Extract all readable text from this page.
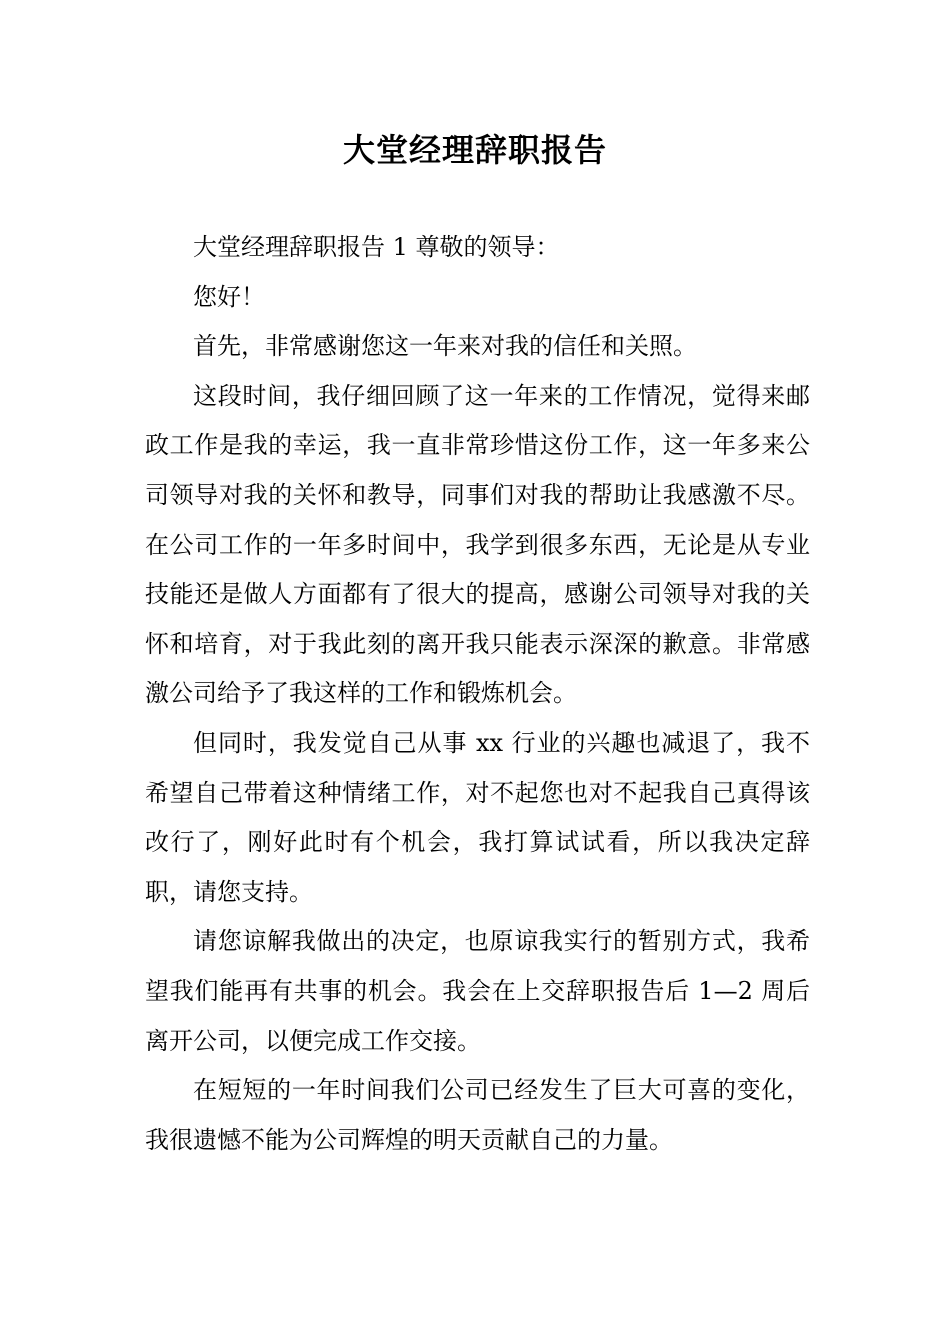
大堂经理辞职报告

大堂经理辞职报告 1 尊敬的领导：

您好！

首先，非常感谢您这一年来对我的信任和关照。

这段时间，我仔细回顾了这一年来的工作情况，觉得来邮政工作是我的幸运，我一直非常珍惜这份工作，这一年多来公司领导对我的关怀和教导，同事们对我的帮助让我感激不尽。在公司工作的一年多时间中，我学到很多东西，无论是从专业技能还是做人方面都有了很大的提高，感谢公司领导对我的关怀和培育，对于我此刻的离开我只能表示深深的歉意。非常感激公司给予了我这样的工作和锻炼机会。

但同时，我发觉自己从事 xx 行业的兴趣也减退了，我不希望自己带着这种情绪工作，对不起您也对不起我自己真得该改行了，刚好此时有个机会，我打算试试看，所以我决定辞职，请您支持。

请您谅解我做出的决定，也原谅我实行的暂别方式，我希望我们能再有共事的机会。我会在上交辞职报告后 1—2 周后离开公司，以便完成工作交接。

在短短的一年时间我们公司已经发生了巨大可喜的变化，我很遗憾不能为公司辉煌的明天贡献自己的力量。
